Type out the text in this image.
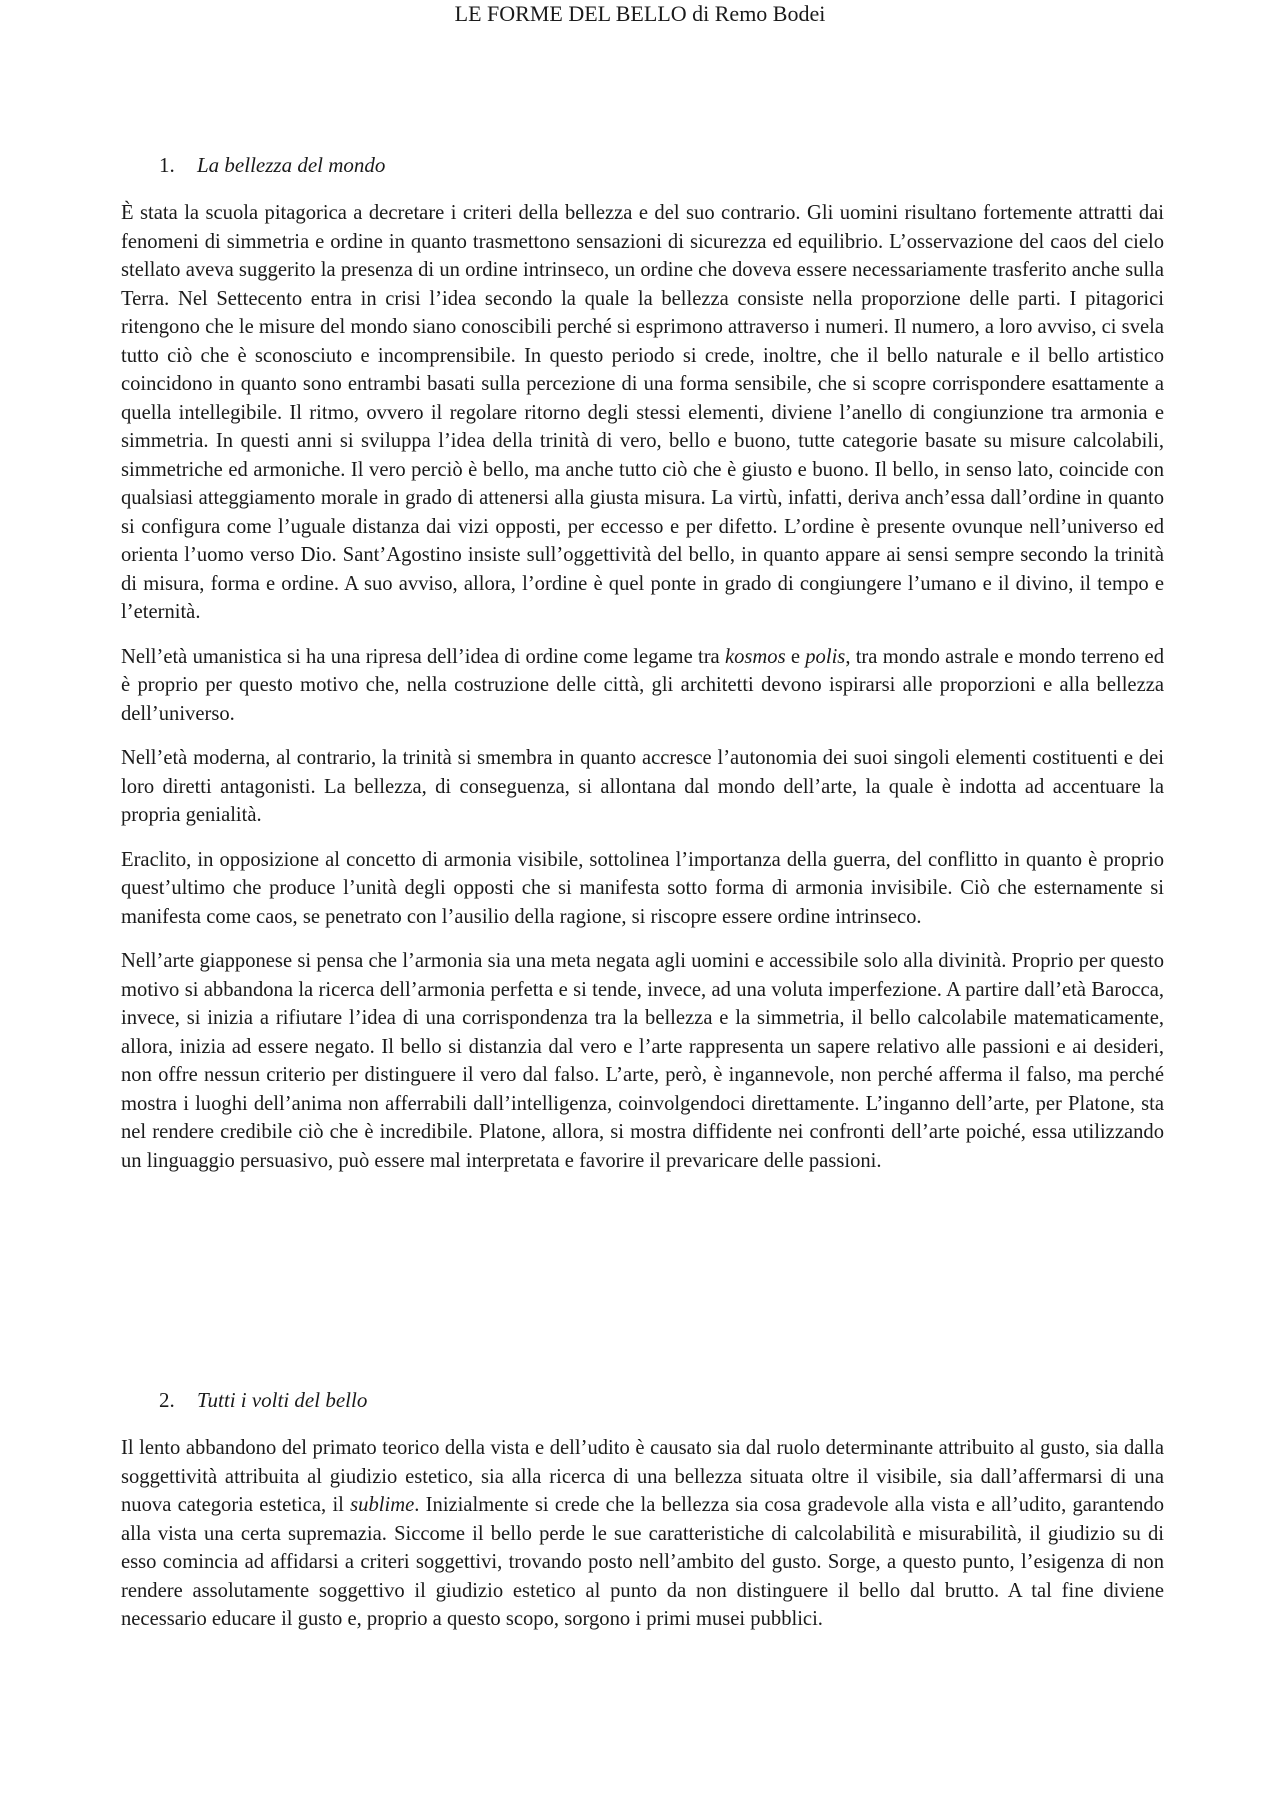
LE FORME DEL BELLO di Remo Bodei
1. La bellezza del mondo

È stata la scuola pitagorica a decretare i criteri della bellezza e del suo contrario. Gli uomini risultano fortemente attratti dai fenomeni di simmetria e ordine in quanto trasmettono sensazioni di sicurezza ed equilibrio. L’osservazione del caos del cielo stellato aveva suggerito la presenza di un ordine intrinseco, un ordine che doveva essere necessariamente trasferito anche sulla Terra. Nel Settecento entra in crisi l’idea secondo la quale la bellezza consiste nella proporzione delle parti. I pitagorici ritengono che le misure del mondo siano conoscibili perché si esprimono attraverso i numeri. Il numero, a loro avviso, ci svela tutto ciò che è sconosciuto e incomprensibile. In questo periodo si crede, inoltre, che il bello naturale e il bello artistico coincidono in quanto sono entrambi basati sulla percezione di una forma sensibile, che si scopre corrispondere esattamente a quella intellegibile. Il ritmo, ovvero il regolare ritorno degli stessi elementi, diviene l’anello di congiunzione tra armonia e simmetria. In questi anni si sviluppa l’idea della trinità di vero, bello e buono, tutte categorie basate su misure calcolabili, simmetriche ed armoniche. Il vero perciò è bello, ma anche tutto ciò che è giusto e buono. Il bello, in senso lato, coincide con qualsiasi atteggiamento morale in grado di attenersi alla giusta misura. La virtù, infatti, deriva anch’essa dall’ordine in quanto si configura come l’uguale distanza dai vizi opposti, per eccesso e per difetto. L’ordine è presente ovunque nell’universo ed orienta l’uomo verso Dio. Sant’Agostino insiste sull’oggettività del bello, in quanto appare ai sensi sempre secondo la trinità di misura, forma e ordine. A suo avviso, allora, l’ordine è quel ponte in grado di congiungere l’umano e il divino, il tempo e l’eternità.

Nell’età umanistica si ha una ripresa dell’idea di ordine come legame tra kosmos e polis, tra mondo astrale e mondo terreno ed è proprio per questo motivo che, nella costruzione delle città, gli architetti devono ispirarsi alle proporzioni e alla bellezza dell’universo.

Nell’età moderna, al contrario, la trinità si smembra in quanto accresce l’autonomia dei suoi singoli elementi costituenti e dei loro diretti antagonisti. La bellezza, di conseguenza, si allontana dal mondo dell’arte, la quale è indotta ad accentuare la propria genialità.

Eraclito, in opposizione al concetto di armonia visibile, sottolinea l’importanza della guerra, del conflitto in quanto è proprio quest’ultimo che produce l’unità degli opposti che si manifesta sotto forma di armonia invisibile. Ciò che esternamente si manifesta come caos, se penetrato con l’ausilio della ragione, si riscopre essere ordine intrinseco.

Nell’arte giapponese si pensa che l’armonia sia una meta negata agli uomini e accessibile solo alla divinità. Proprio per questo motivo si abbandona la ricerca dell’armonia perfetta e si tende, invece, ad una voluta imperfezione. A partire dall’età Barocca, invece, si inizia a rifiutare l’idea di una corrispondenza tra la bellezza e la simmetria, il bello calcolabile matematicamente, allora, inizia ad essere negato. Il bello si distanzia dal vero e l’arte rappresenta un sapere relativo alle passioni e ai desideri, non offre nessun criterio per distinguere il vero dal falso. L’arte, però, è ingannevole, non perché afferma il falso, ma perché mostra i luoghi dell’anima non afferrabili dall’intelligenza, coinvolgendoci direttamente. L’inganno dell’arte, per Platone, sta nel rendere credibile ciò che è incredibile. Platone, allora, si mostra diffidente nei confronti dell’arte poiché, essa utilizzando un linguaggio persuasivo, può essere mal interpretata e favorire il prevaricare delle passioni.

2. Tutti i volti del bello

Il lento abbandono del primato teorico della vista e dell’udito è causato sia dal ruolo determinante attribuito al gusto, sia dalla soggettività attribuita al giudizio estetico, sia alla ricerca di una bellezza situata oltre il visibile, sia dall’affermarsi di una nuova categoria estetica, il sublime. Inizialmente si crede che la bellezza sia cosa gradevole alla vista e all’udito, garantendo alla vista una certa supremazia. Siccome il bello perde le sue caratteristiche di calcolabilità e misurabilità, il giudizio su di esso comincia ad affidarsi a criteri soggettivi, trovando posto nell’ambito del gusto. Sorge, a questo punto, l’esigenza di non rendere assolutamente soggettivo il giudizio estetico al punto da non distinguere il bello dal brutto. A tal fine diviene necessario educare il gusto e, proprio a questo scopo, sorgono i primi musei pubblici.
